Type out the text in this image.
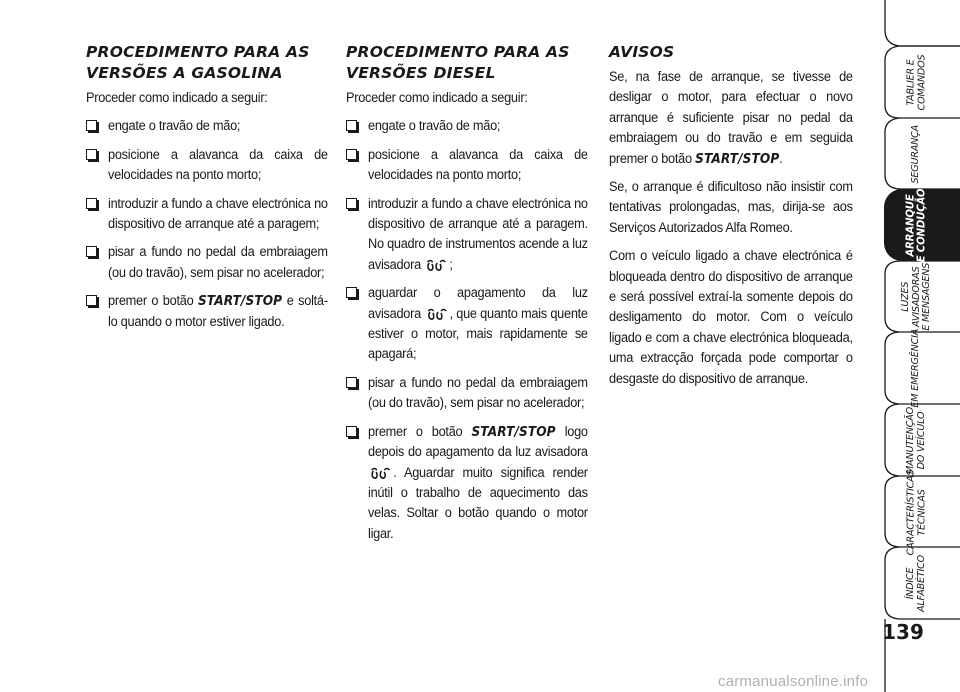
PROCEDIMENTO PARA AS
VERSÕES A GASOLINA
Proceder como indicado a seguir:
engate o travão de mão;
posicione a alavanca da caixa de velocidades na ponto morto;
introduzir a fundo a chave electrónica no dispositivo de arranque até a paragem;
pisar a fundo no pedal da embraiagem (ou do travão), sem pisar no acelerador;
premer o botão START/STOP e soltá-lo quando o motor estiver ligado.
PROCEDIMENTO PARA AS
VERSÕES DIESEL
Proceder como indicado a seguir:
engate o travão de mão;
posicione a alavanca da caixa de velocidades na ponto morto;
introduzir a fundo a chave electrónica no dispositivo de arranque até a paragem. No quadro de instrumentos acende a luz avisadora ;
aguardar o apagamento da luz avisadora , que quanto mais quente estiver o motor, mais rapidamente se apagará;
pisar a fundo no pedal da embraiagem (ou do travão), sem pisar no acelerador;
premer o botão START/STOP logo depois do apagamento da luz avisadora . Aguardar muito significa render inútil o trabalho de aquecimento das velas. Soltar o botão quando o motor ligar.
AVISOS
Se, na fase de arranque, se tivesse de desligar o motor, para efectuar o novo arranque é suficiente pisar no pedal da embraiagem ou do travão e em seguida premer o botão START/STOP.
Se, o arranque é dificultoso não insistir com tentativas prolongadas, mas, dirija-se aos Serviços Autorizados Alfa Romeo.
Com o veículo ligado a chave electrónica é bloqueada dentro do dispositivo de arranque e será possível extraí-la somente depois do desligamento do motor. Com o veículo ligado e com a chave electrónica bloqueada, uma extracção forçada pode comportar o desgaste do dispositivo de arranque.
TABLIER E COMANDOS
SEGURANÇA
ARRANQUE E CONDUÇÃO
LUZES AVISADORAS E MENSAGENS
EM EMERGÊNCIA
MANUTENÇÃO DO VEÍCULO
CARACTERÍSTICAS TÉCNICAS
ÍNDICE ALFABÉTICO
139
carmanualsonline.info
